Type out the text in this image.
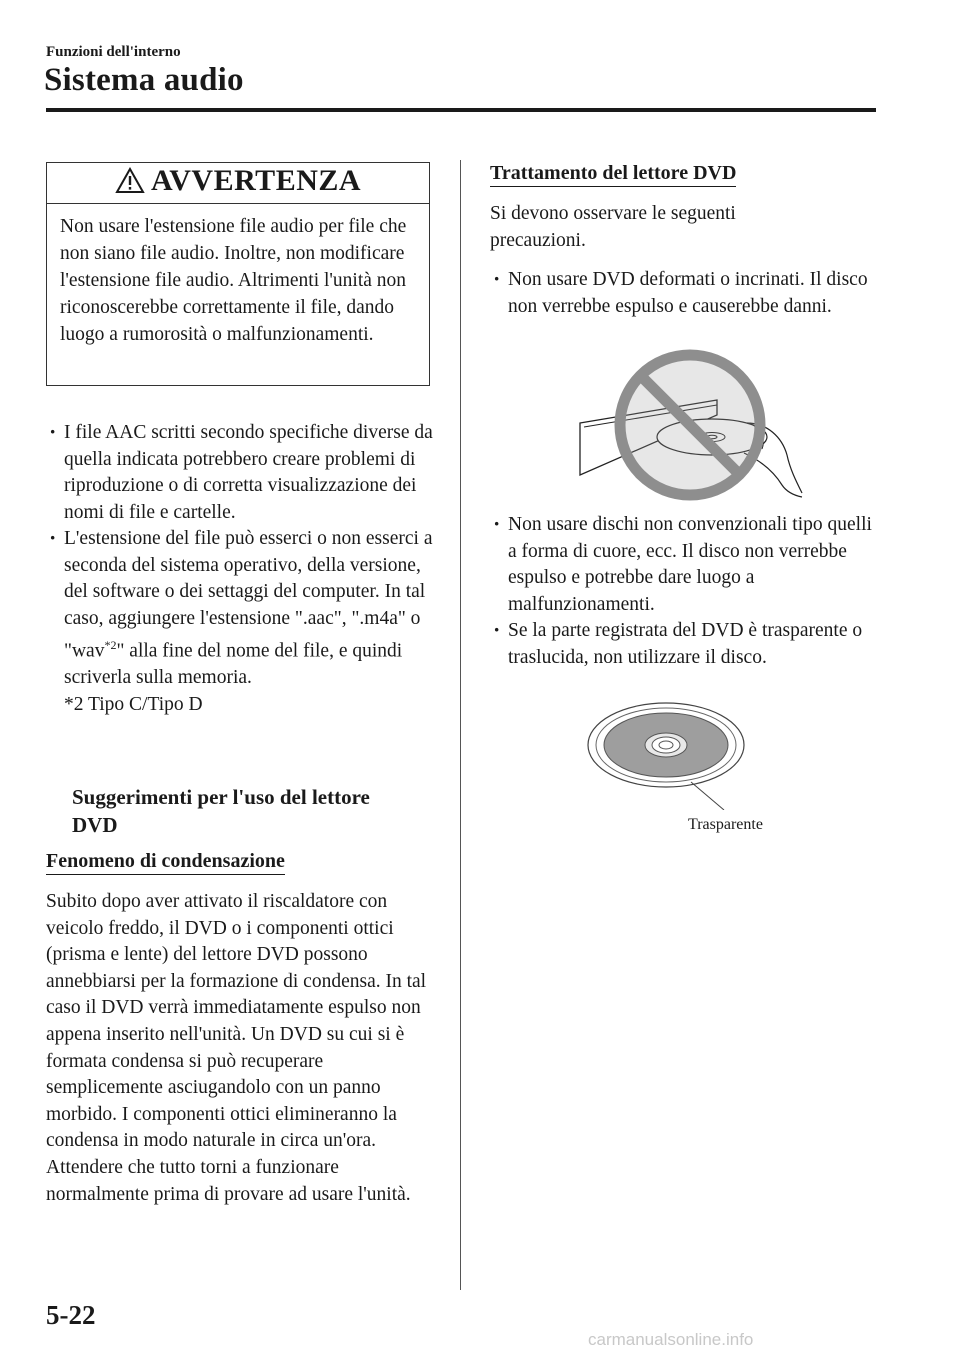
Funzioni dell'interno
Sistema audio
AVVERTENZA
Non usare l'estensione file audio per file che non siano file audio. Inoltre, non modificare l'estensione file audio. Altrimenti l'unità non riconoscerebbe correttamente il file, dando luogo a rumorosità o malfunzionamenti.
· I file AAC scritti secondo specifiche diverse da quella indicata potrebbero creare problemi di riproduzione o di corretta visualizzazione dei nomi di file e cartelle.
· L'estensione del file può esserci o non esserci a seconda del sistema operativo, della versione, del software o dei settaggi del computer. In tal caso, aggiungere l'estensione ".aac", ".m4a" o "wav$^{*2}$" alla fine del nome del file, e quindi scriverla sulla memoria.
*2 Tipo C/Tipo D
Suggerimenti per l'uso del lettore DVD
Fenomeno di condensazione
Subito dopo aver attivato il riscaldatore con veicolo freddo, il DVD o i componenti ottici (prisma e lente) del lettore DVD possono annebbiarsi per la formazione di condensa. In tal caso il DVD verrà immediatamente espulso non appena inserito nell'unità. Un DVD su cui si è formata condensa si può recuperare semplicemente asciugandolo con un panno morbido. I componenti ottici elimineranno la condensa in modo naturale in circa un'ora. Attendere che tutto torni a funzionare normalmente prima di provare ad usare l'unità.
Trattamento del lettore DVD
Si devono osservare le seguenti precauzioni.
· Non usare DVD deformati o incrinati. Il disco non verrebbe espulso e causerebbe danni.
· Non usare dischi non convenzionali tipo quelli a forma di cuore, ecc. Il disco non verrebbe espulso e potrebbe dare luogo a malfunzionamenti.
· Se la parte registrata del DVD è trasparente o traslucida, non utilizzare il disco.
Trasparente
5-22
carmanualsonline.info
